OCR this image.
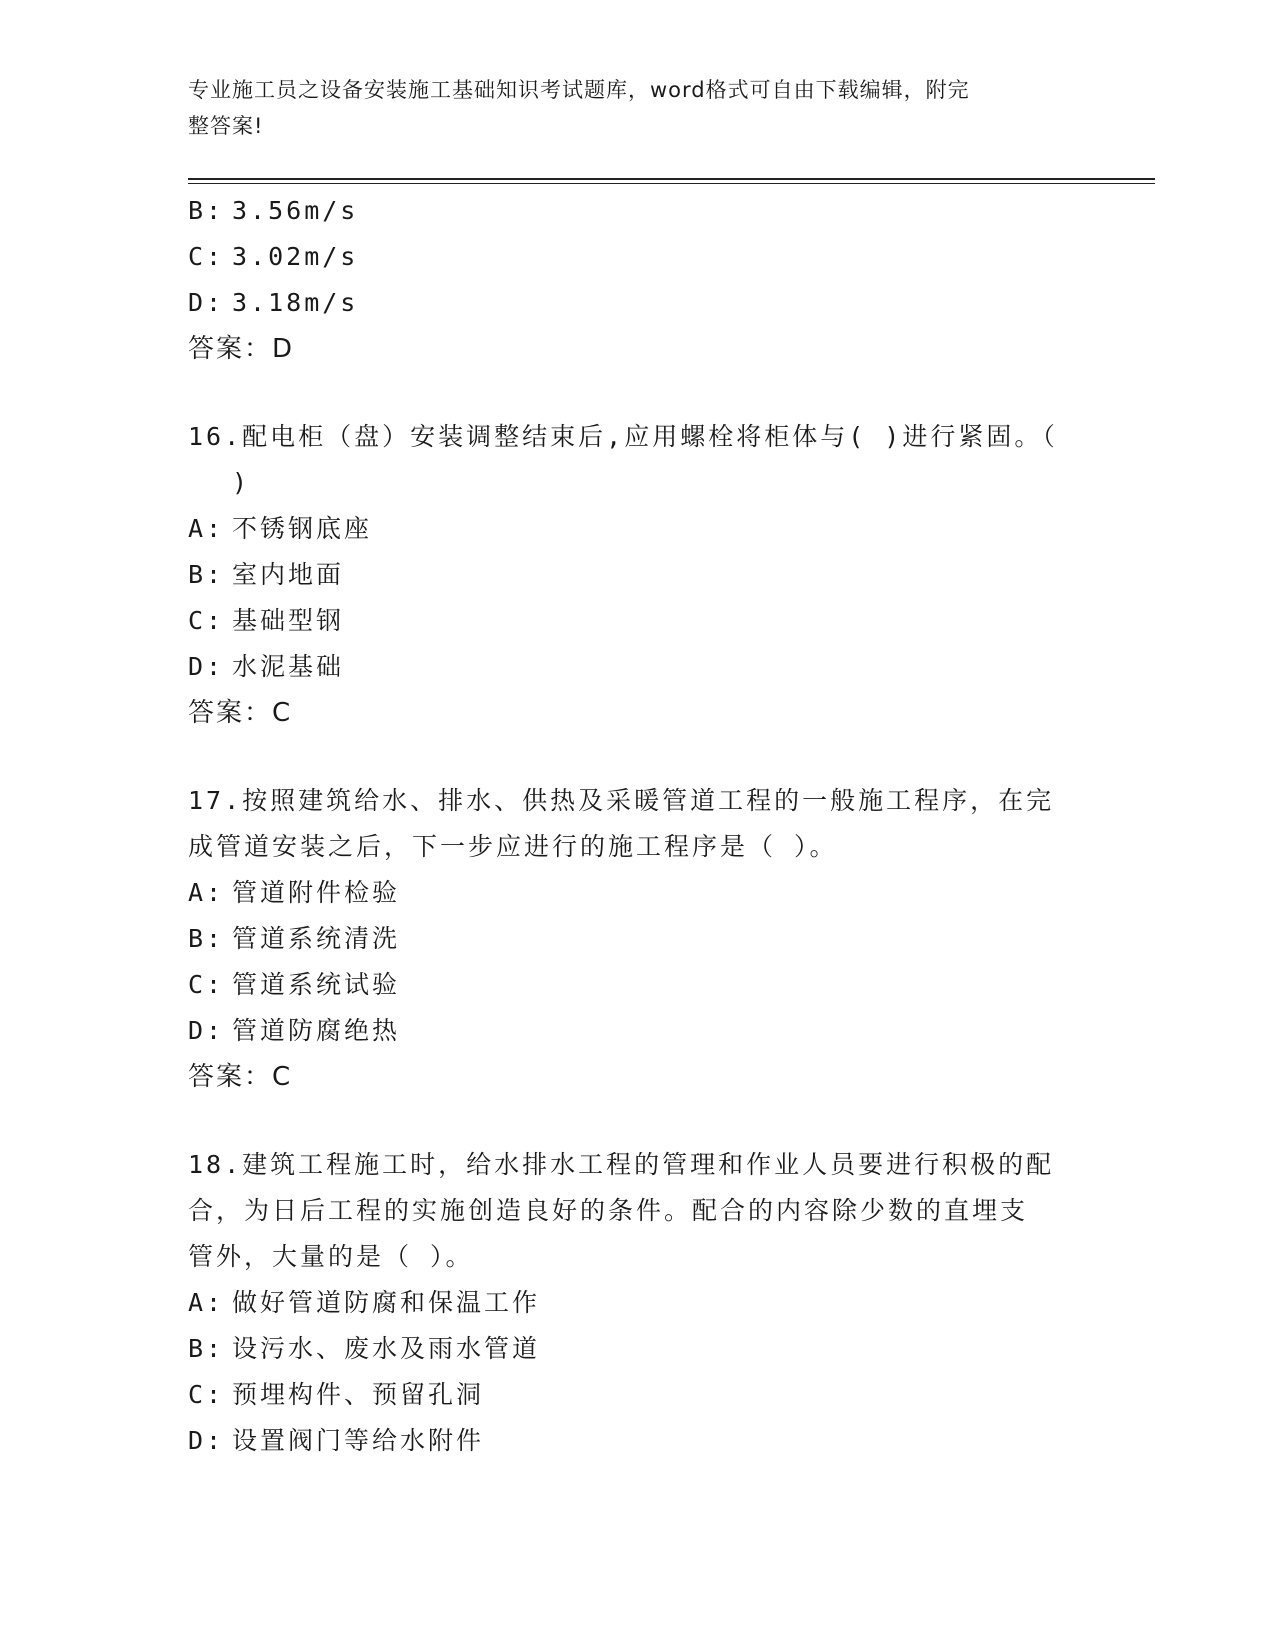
专业施工员之设备安装施工基础知识考试题库，word格式可自由下载编辑，附完
整答案!
B: 3.56m/s
C: 3.02m/s
D: 3.18m/s
答案：D
16.配电柜（盘）安装调整结束后,应用螺栓将柜体与( )进行紧固。（
)
A: 不锈钢底座
B: 室内地面
C: 基础型钢
D: 水泥基础
答案：C
17.按照建筑给水、排水、供热及采暖管道工程的一般施工程序，在完
成管道安装之后，下一步应进行的施工程序是（ ）。
A: 管道附件检验
B: 管道系统清洗
C: 管道系统试验
D: 管道防腐绝热
答案：C
18.建筑工程施工时，给水排水工程的管理和作业人员要进行积极的配
合，为日后工程的实施创造良好的条件。配合的内容除少数的直埋支
管外，大量的是（ ）。
A: 做好管道防腐和保温工作
B: 设污水、废水及雨水管道
C: 预埋构件、预留孔洞
D: 设置阀门等给水附件
